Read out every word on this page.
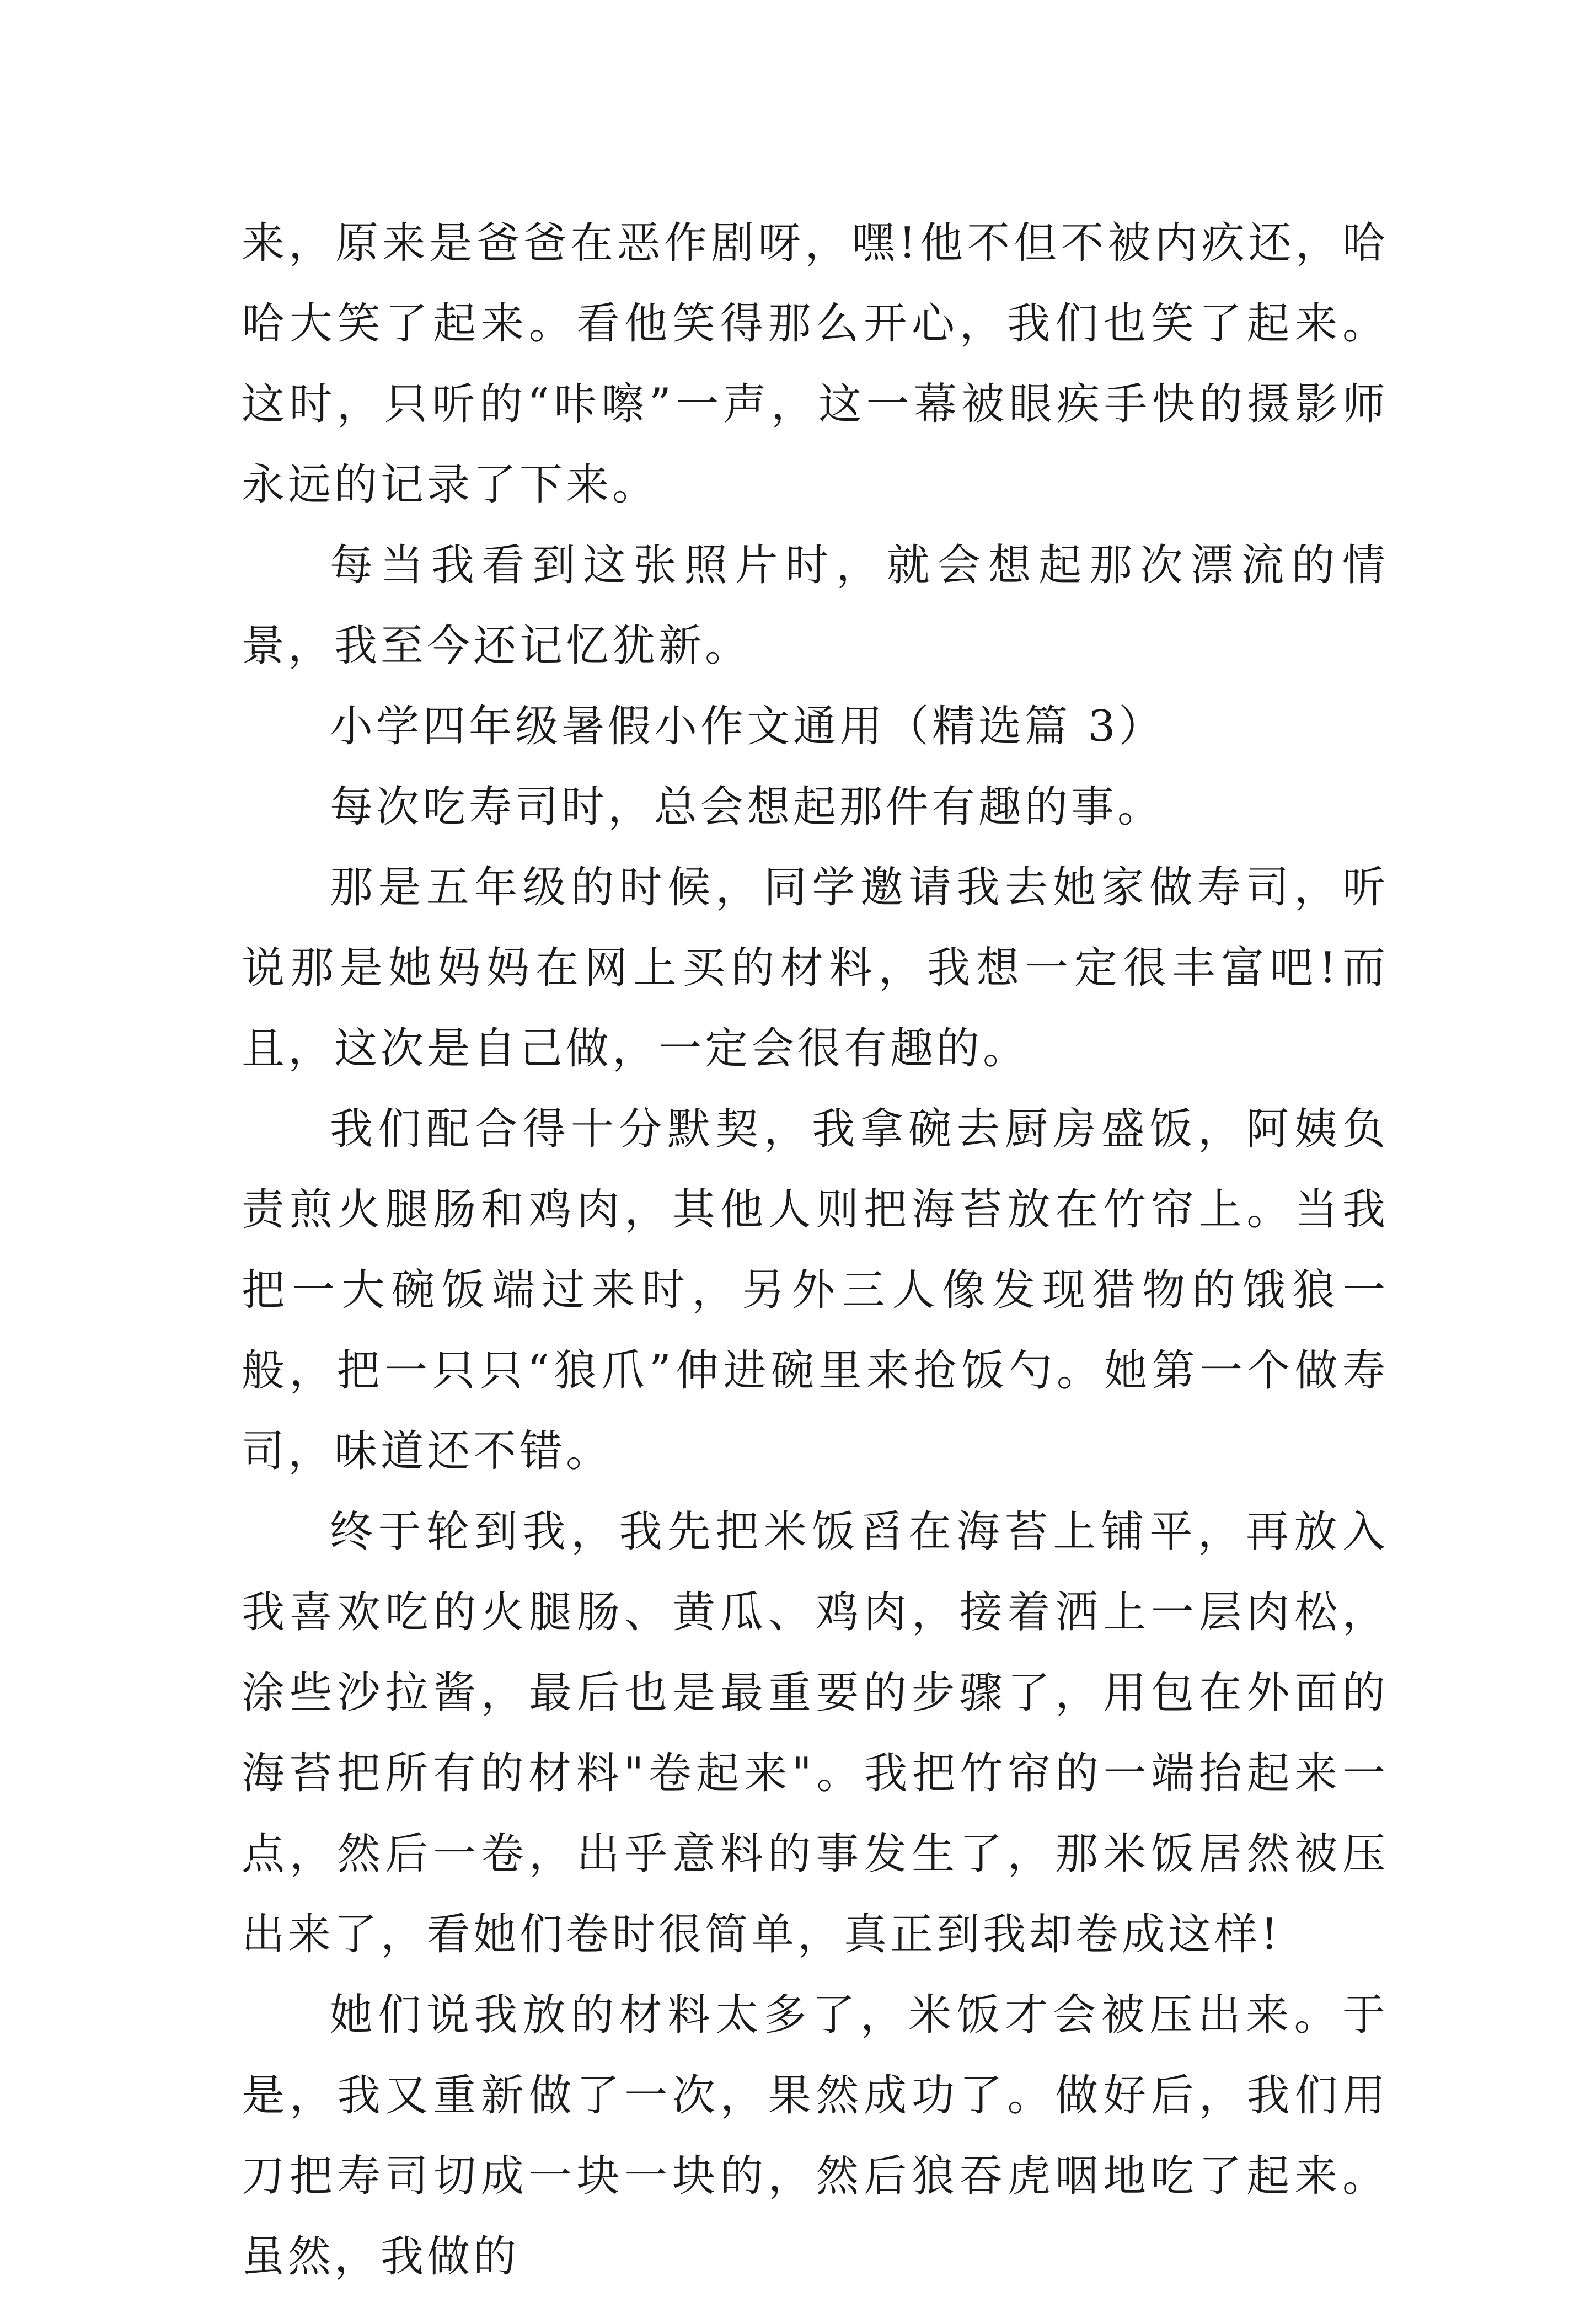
来，原来是爸爸在恶作剧呀，嘿!他不但不被内疚还，哈哈大笑了起来。看他笑得那么开心，我们也笑了起来。这时，只听的“咔嚓”一声，这一幕被眼疾手快的摄影师永远的记录了下来。

每当我看到这张照片时，就会想起那次漂流的情景，我至今还记忆犹新。

小学四年级暑假小作文通用（精选篇 3）

每次吃寿司时，总会想起那件有趣的事。

那是五年级的时候，同学邀请我去她家做寿司，听说那是她妈妈在网上买的材料，我想一定很丰富吧!而且，这次是自己做，一定会很有趣的。

我们配合得十分默契，我拿碗去厨房盛饭，阿姨负责煎火腿肠和鸡肉，其他人则把海苔放在竹帘上。当我把一大碗饭端过来时，另外三人像发现猎物的饿狼一般，把一只只“狼爪”伸进碗里来抢饭勺。她第一个做寿司，味道还不错。

终于轮到我，我先把米饭舀在海苔上铺平，再放入我喜欢吃的火腿肠、黄瓜、鸡肉，接着洒上一层肉松，涂些沙拉酱，最后也是最重要的步骤了，用包在外面的海苔把所有的材料"卷起来"。我把竹帘的一端抬起来一点，然后一卷，出乎意料的事发生了，那米饭居然被压出来了，看她们卷时很简单，真正到我却卷成这样!

她们说我放的材料太多了，米饭才会被压出来。于是，我又重新做了一次，果然成功了。做好后，我们用刀把寿司切成一块一块的，然后狼吞虎咽地吃了起来。虽然，我做的
